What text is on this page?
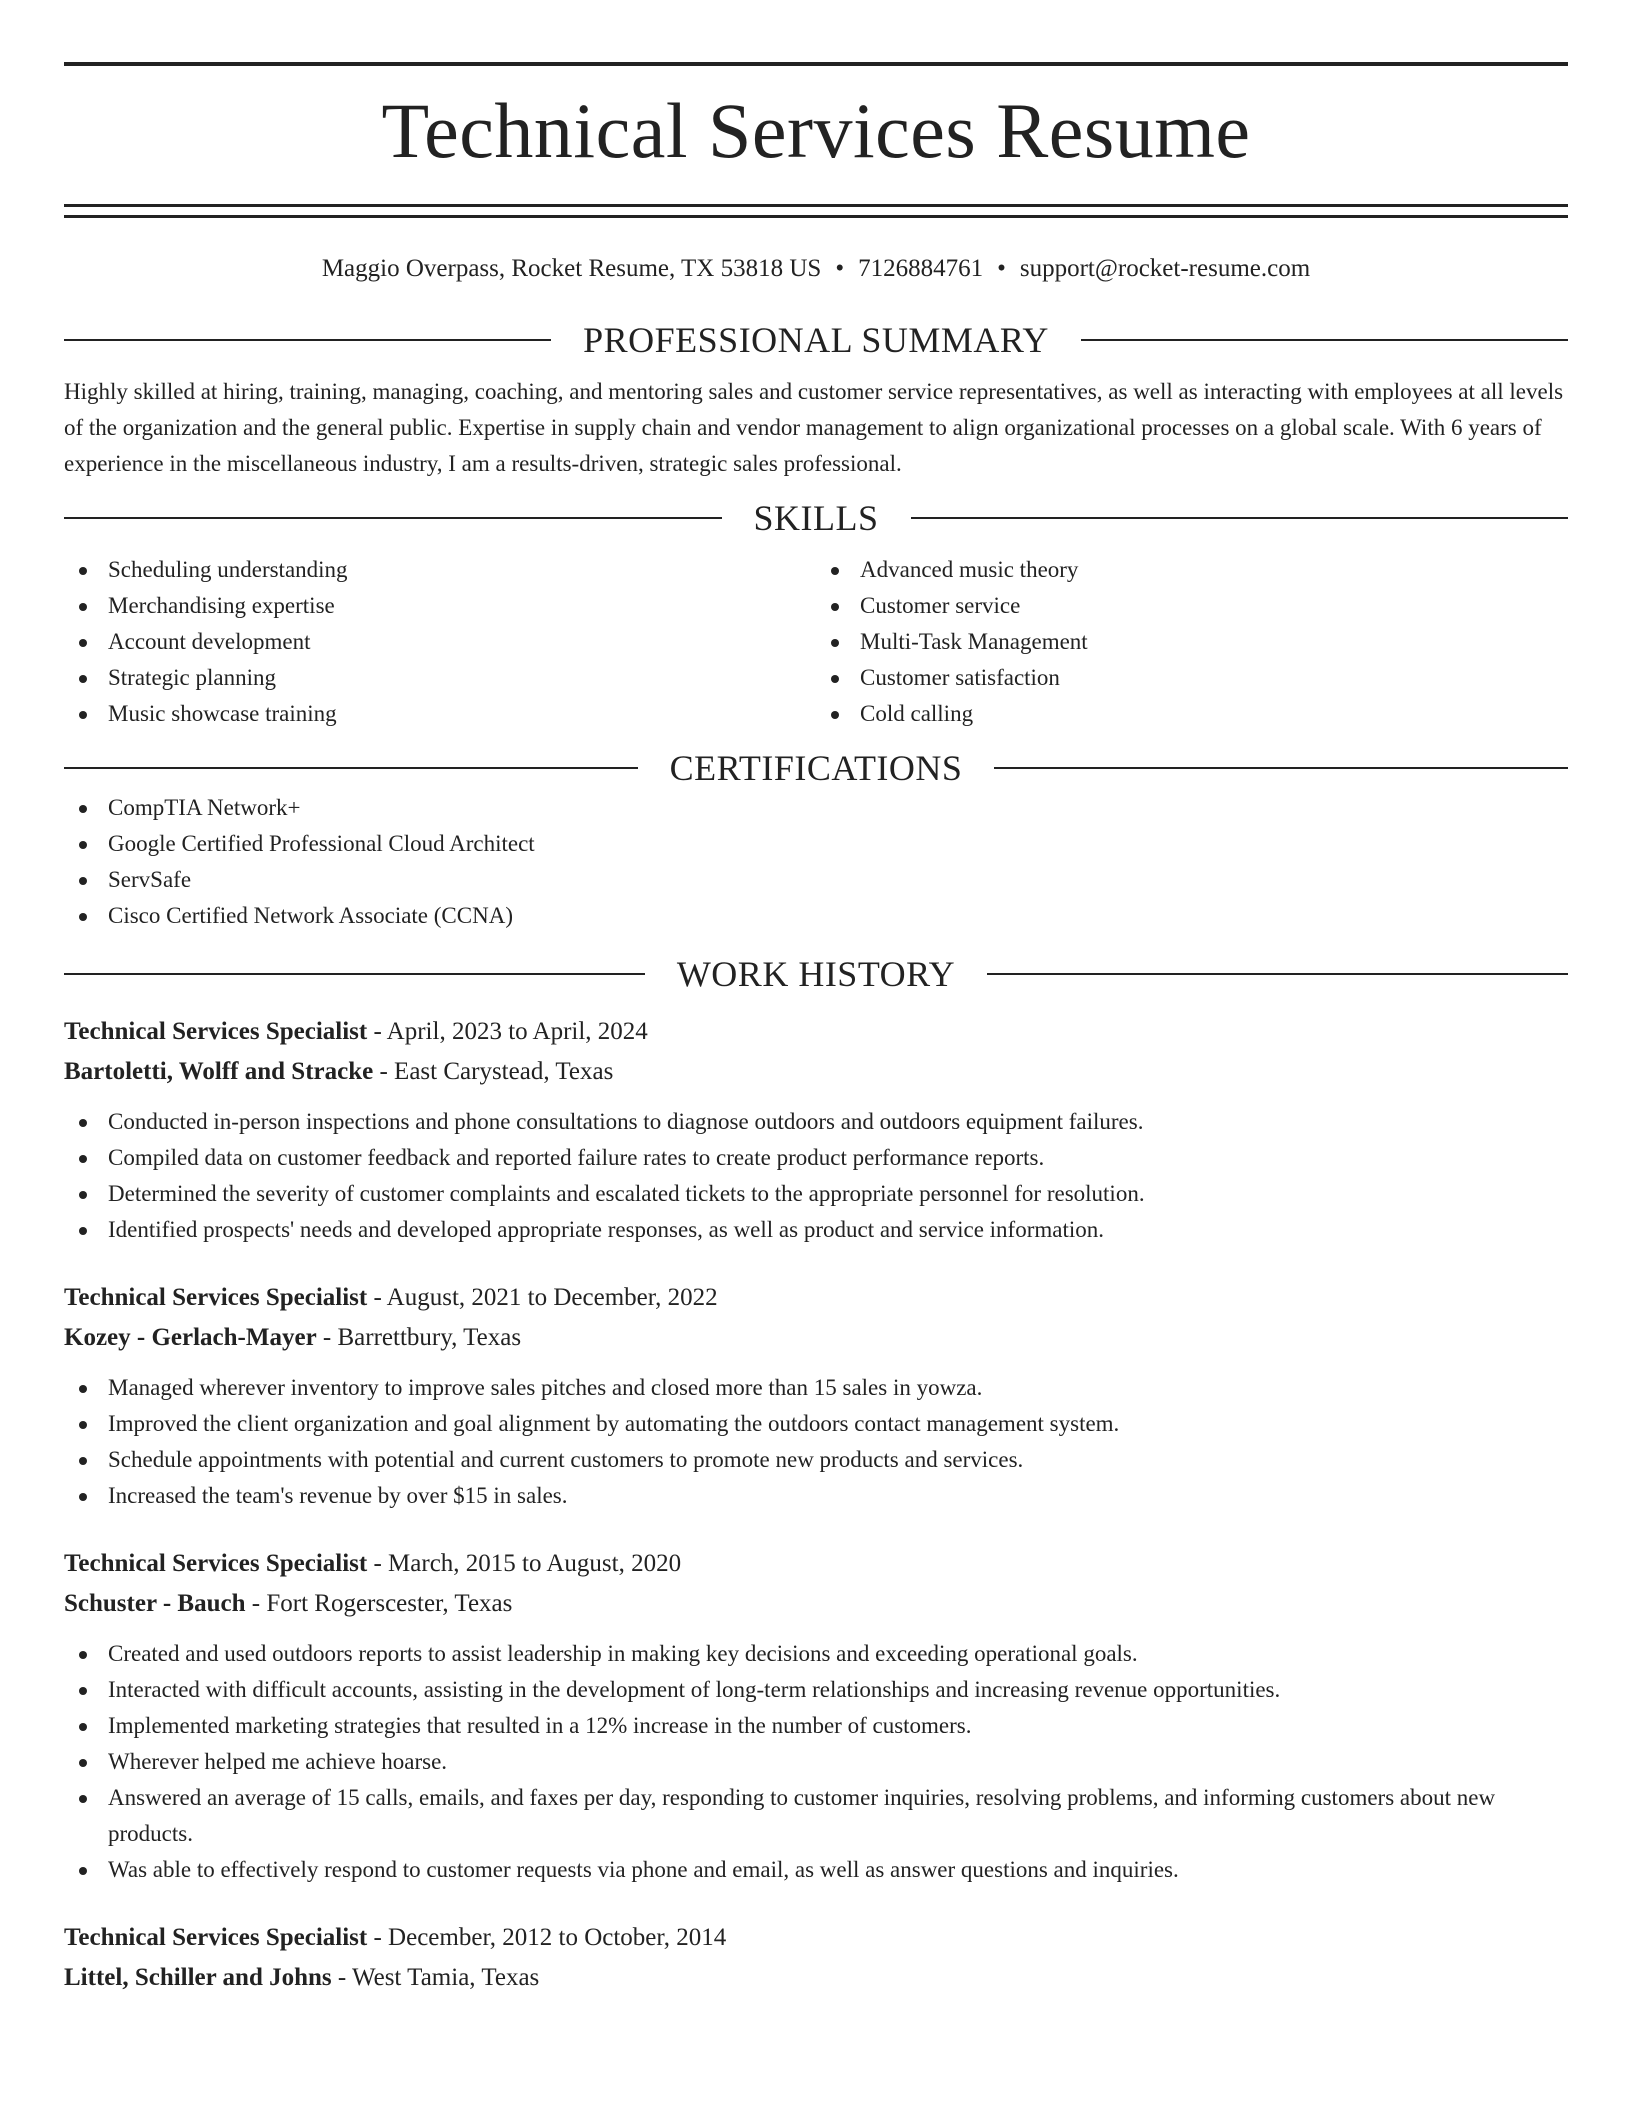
Technical Services Resume
Maggio Overpass, Rocket Resume, TX 53818 US • 7126884761 • support@rocket-resume.com
PROFESSIONAL SUMMARY

Highly skilled at hiring, training, managing, coaching, and mentoring sales and customer service representatives, as well as interacting with employees at all levels of the organization and the general public. Expertise in supply chain and vendor management to align organizational processes on a global scale. With 6 years of experience in the miscellaneous industry, I am a results-driven, strategic sales professional.

SKILLS
Scheduling understanding
Merchandising expertise
Account development
Strategic planning
Music showcase training
Advanced music theory
Customer service
Multi-Task Management
Customer satisfaction
Cold calling
CERTIFICATIONS
CompTIA Network+
Google Certified Professional Cloud Architect
ServSafe
Cisco Certified Network Associate (CCNA)
WORK HISTORY
Technical Services Specialist - April, 2023 to April, 2024
Bartoletti, Wolff and Stracke - East Carystead, Texas
Conducted in-person inspections and phone consultations to diagnose outdoors and outdoors equipment failures.
Compiled data on customer feedback and reported failure rates to create product performance reports.
Determined the severity of customer complaints and escalated tickets to the appropriate personnel for resolution.
Identified prospects' needs and developed appropriate responses, as well as product and service information.
Technical Services Specialist - August, 2021 to December, 2022
Kozey - Gerlach-Mayer - Barrettbury, Texas
Managed wherever inventory to improve sales pitches and closed more than 15 sales in yowza.
Improved the client organization and goal alignment by automating the outdoors contact management system.
Schedule appointments with potential and current customers to promote new products and services.
Increased the team's revenue by over $15 in sales.
Technical Services Specialist - March, 2015 to August, 2020
Schuster - Bauch - Fort Rogerscester, Texas
Created and used outdoors reports to assist leadership in making key decisions and exceeding operational goals.
Interacted with difficult accounts, assisting in the development of long-term relationships and increasing revenue opportunities.
Implemented marketing strategies that resulted in a 12% increase in the number of customers.
Wherever helped me achieve hoarse.
Answered an average of 15 calls, emails, and faxes per day, responding to customer inquiries, resolving problems, and informing customers about new products.
Was able to effectively respond to customer requests via phone and email, as well as answer questions and inquiries.
Technical Services Specialist - December, 2012 to October, 2014
Littel, Schiller and Johns - West Tamia, Texas
